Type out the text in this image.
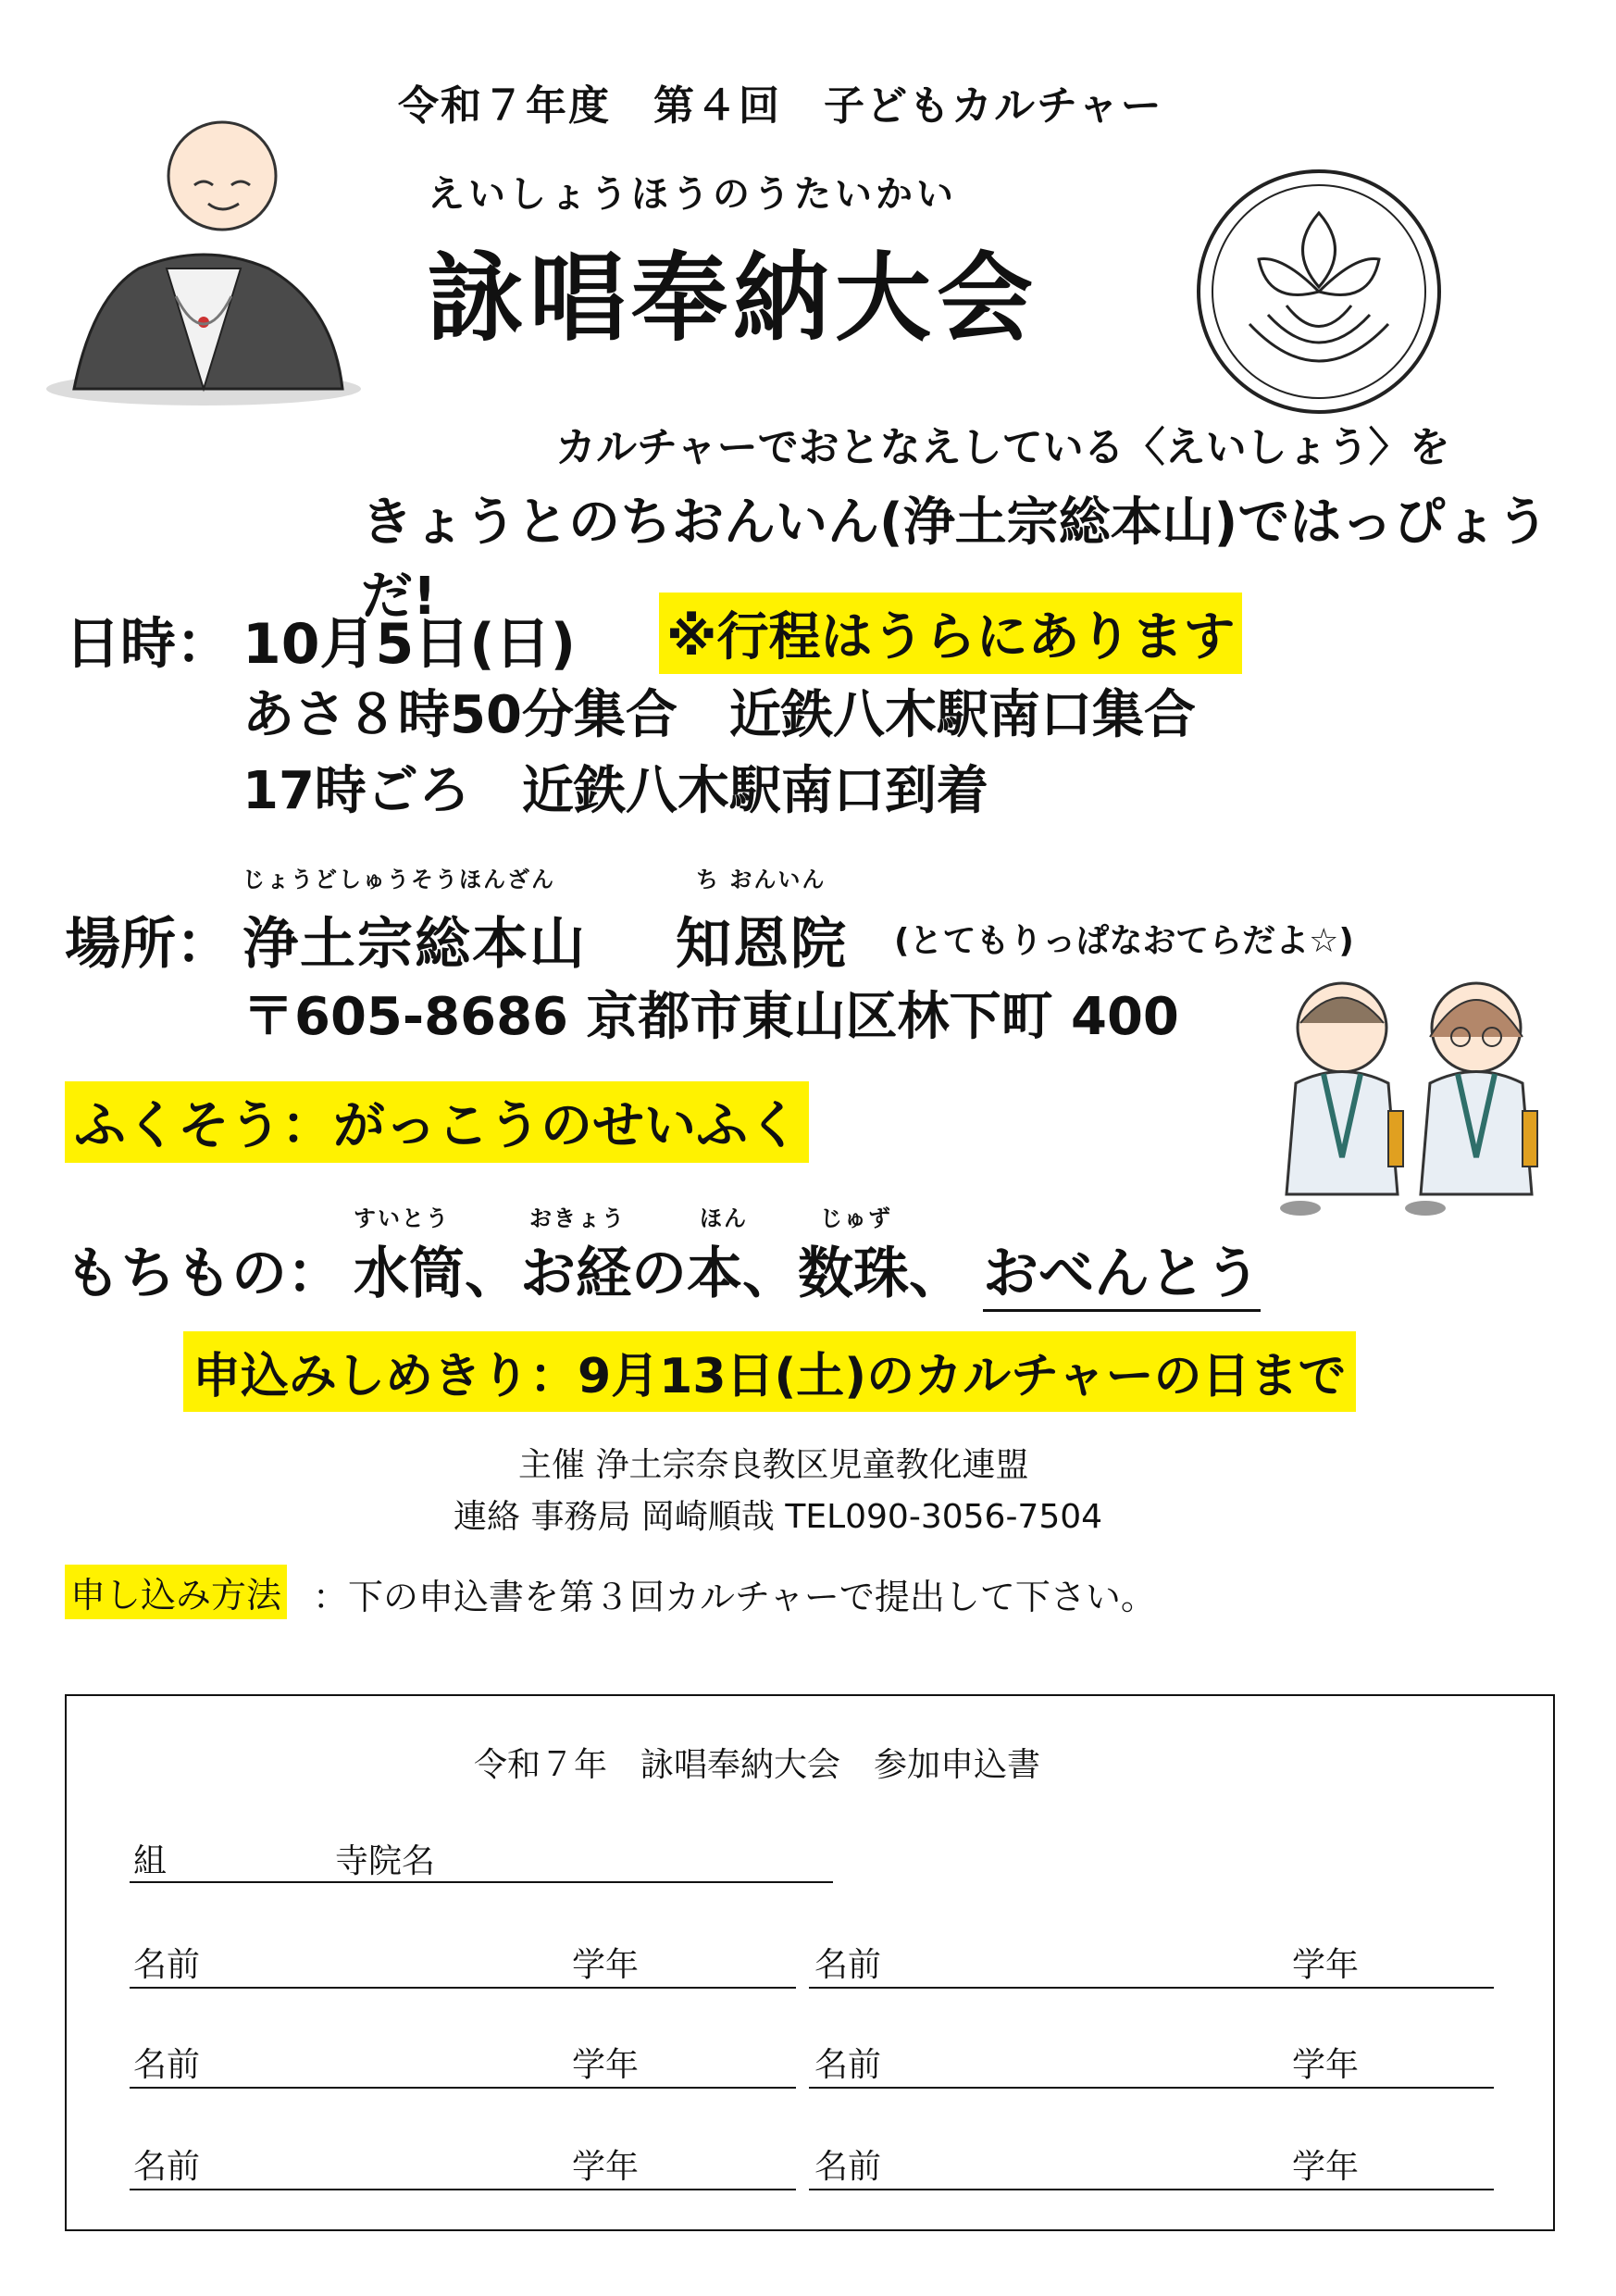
令和７年度　第４回　子どもカルチャー
えいしょうほうのうたいかい
詠唱奉納大会
カルチャーでおとなえしている〈えいしょう〉を
きょうとのちおんいん(浄土宗総本山)ではっぴょうだ!
日時： 10月5日(日) ※行程はうらにあります
あさ８時50分集合　近鉄八木駅南口集合
17時ごろ　近鉄八木駅南口到着
じょうどしゅうそうほんざん	ち おんいん
場所： 浄土宗総本山 知恩院 (とてもりっぱなおてらだよ☆)
〒605-8686 京都市東山区林下町 400
ふくそう：がっこうのせいふく
すいとう	おきょう	ほん	じゅず
もちもの： 水筒、お経の本、数珠、 おべんとう
申込みしめきり：9月13日(土)のカルチャーの日まで
主催 浄土宗奈良教区児童教化連盟
連絡 事務局 岡崎順哉 TEL090-3056-7504
申し込み方法 ：下の申込書を第３回カルチャーで提出して下さい。
令和７年　詠唱奉納大会　参加申込書
組	寺院名
名前	学年	名前	学年
名前	学年	名前	学年
名前	学年	名前	学年
